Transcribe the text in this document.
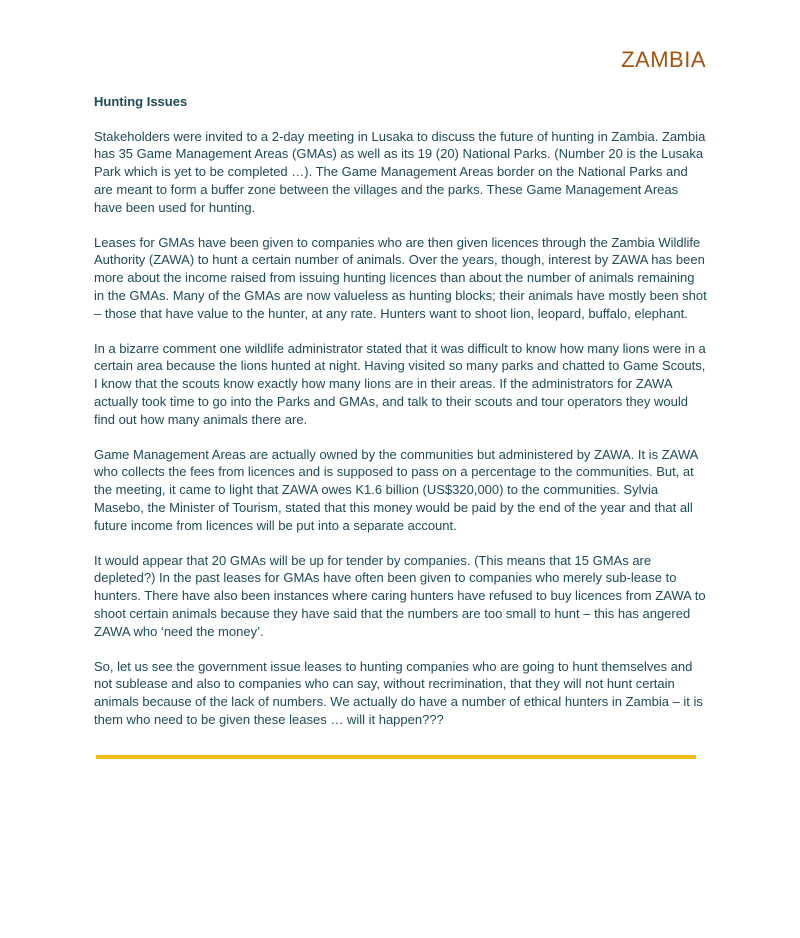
ZAMBIA

Hunting Issues

Stakeholders were invited to a 2-day meeting in Lusaka to discuss the future of hunting in Zambia. Zambia has 35 Game Management Areas (GMAs) as well as its 19 (20) National Parks. (Number 20 is the Lusaka Park which is yet to be completed …). The Game Management Areas border on the National Parks and are meant to form a buffer zone between the villages and the parks. These Game Management Areas have been used for hunting.

Leases for GMAs have been given to companies who are then given licences through the Zambia Wildlife Authority (ZAWA) to hunt a certain number of animals. Over the years, though, interest by ZAWA has been more about the income raised from issuing hunting licences than about the number of animals remaining in the GMAs. Many of the GMAs are now valueless as hunting blocks; their animals have mostly been shot – those that have value to the hunter, at any rate. Hunters want to shoot lion, leopard, buffalo, elephant.

In a bizarre comment one wildlife administrator stated that it was difficult to know how many lions were in a certain area because the lions hunted at night. Having visited so many parks and chatted to Game Scouts, I know that the scouts know exactly how many lions are in their areas. If the administrators for ZAWA actually took time to go into the Parks and GMAs, and talk to their scouts and tour operators they would find out how many animals there are.

Game Management Areas are actually owned by the communities but administered by ZAWA. It is ZAWA who collects the fees from licences and is supposed to pass on a percentage to the communities. But, at the meeting, it came to light that ZAWA owes K1.6 billion (US$320,000) to the communities. Sylvia Masebo, the Minister of Tourism, stated that this money would be paid by the end of the year and that all future income from licences will be put into a separate account.

It would appear that 20 GMAs will be up for tender by companies. (This means that 15 GMAs are depleted?) In the past leases for GMAs have often been given to companies who merely sub-lease to hunters. There have also been instances where caring hunters have refused to buy licences from ZAWA to shoot certain animals because they have said that the numbers are too small to hunt – this has angered ZAWA who ‘need the money’.

So, let us see the government issue leases to hunting companies who are going to hunt themselves and not sublease and also to companies who can say, without recrimination, that they will not hunt certain animals because of the lack of numbers. We actually do have a number of ethical hunters in Zambia – it is them who need to be given these leases … will it happen???
